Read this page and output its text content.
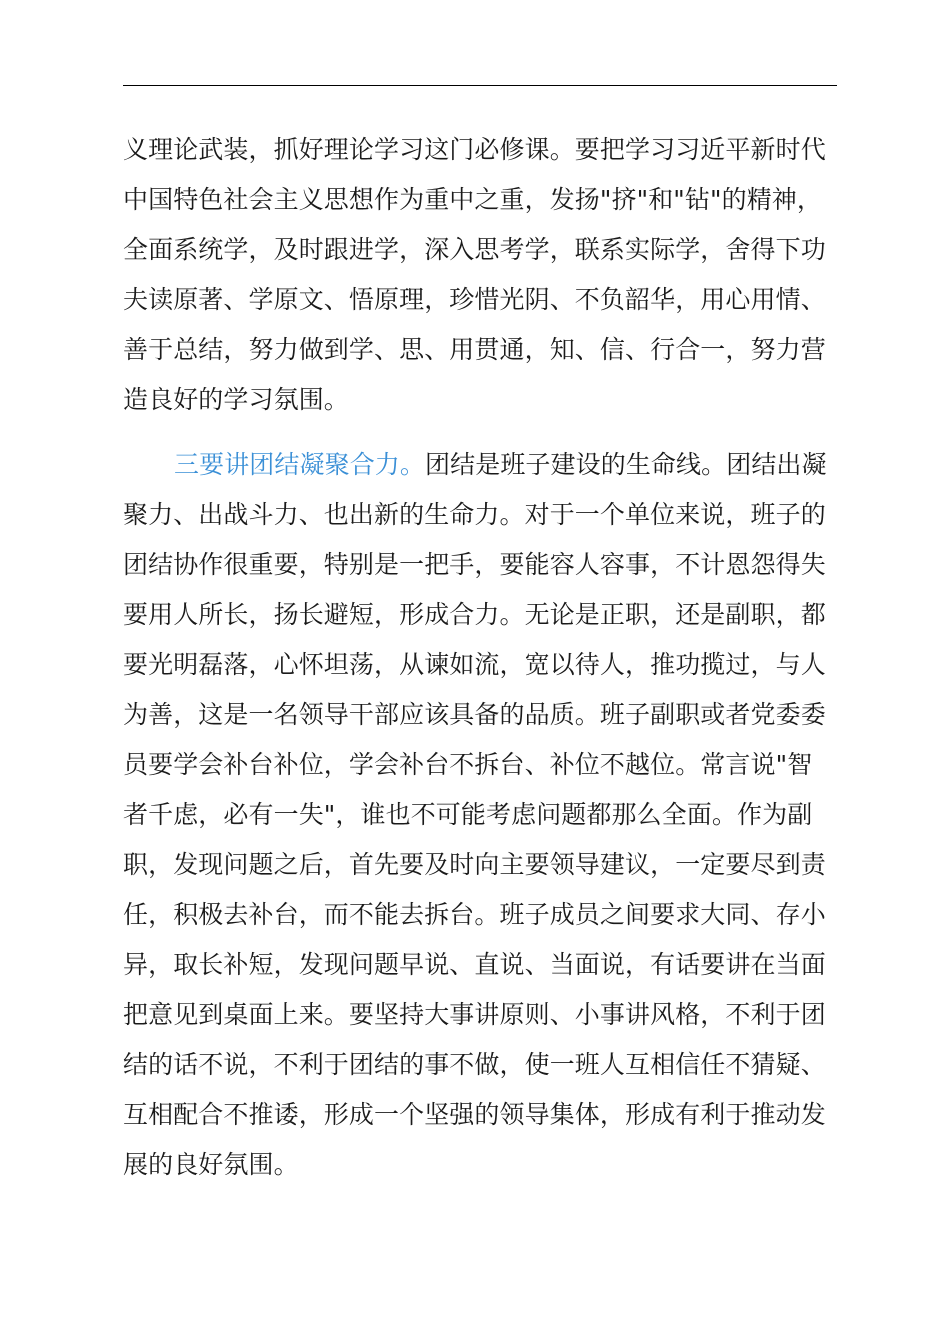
义理论武装，抓好理论学习这门必修课。要把学习习近平新时代
中国特色社会主义思想作为重中之重，发扬"挤"和"钻"的精神，
全面系统学，及时跟进学，深入思考学，联系实际学，舍得下功
夫读原著、学原文、悟原理，珍惜光阴、不负韶华，用心用情、
善于总结，努力做到学、思、用贯通，知、信、行合一，努力营
造良好的学习氛围。
三要讲团结凝聚合力。团结是班子建设的生命线。团结出凝
聚力、出战斗力、也出新的生命力。对于一个单位来说，班子的
团结协作很重要，特别是一把手，要能容人容事，不计恩怨得失
要用人所长，扬长避短，形成合力。无论是正职，还是副职，都
要光明磊落，心怀坦荡，从谏如流，宽以待人，推功揽过，与人
为善，这是一名领导干部应该具备的品质。班子副职或者党委委
员要学会补台补位，学会补台不拆台、补位不越位。常言说"智
者千虑，必有一失"，谁也不可能考虑问题都那么全面。作为副
职，发现问题之后，首先要及时向主要领导建议，一定要尽到责
任，积极去补台，而不能去拆台。班子成员之间要求大同、存小
异，取长补短，发现问题早说、直说、当面说，有话要讲在当面
把意见到桌面上来。要坚持大事讲原则、小事讲风格，不利于团
结的话不说，不利于团结的事不做，使一班人互相信任不猜疑、
互相配合不推诿，形成一个坚强的领导集体，形成有利于推动发
展的良好氛围。
